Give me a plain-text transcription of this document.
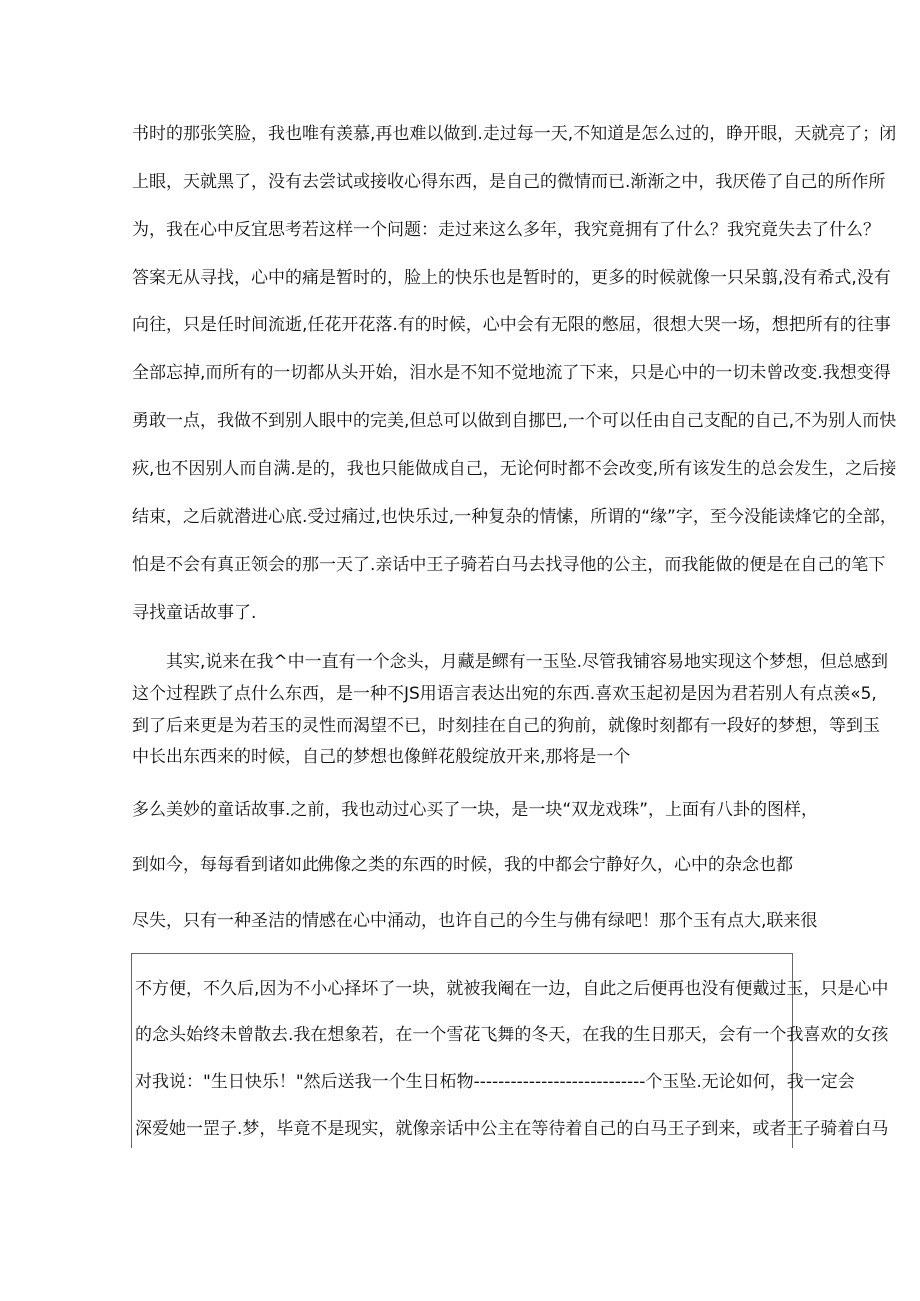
书时的那张笑脸，我也唯有羡慕,再也难以做到.走过每一天,不知道是怎么过的，睁开眼，天就亮了；闭
上眼，天就黑了，没有去尝试或接收心得东西，是自己的微情而已.渐渐之中，我厌倦了自己的所作所
为，我在心中反宜思考若这样一个问题：走过来这么多年，我究竟拥有了什么？我究竟失去了什么？
答案无从寻找，心中的痛是暂时的，脸上的快乐也是暂时的，更多的时候就像一只呆翦,没有希式,没有
向往，只是任时间流逝,任花开花落.有的时候，心中会有无限的憋屈，很想大哭一场，想把所有的往事
全部忘掉,而所有的一切都从头开始，泪水是不知不觉地流了下来，只是心中的一切未曾改变.我想变得
勇敢一点，我做不到别人眼中的完美,但总可以做到自挪巴,一个可以任由自己支配的自己,不为别人而快
疢,也不因别人而自满.是的，我也只能做成自己，无论何时都不会改变,所有该发生的总会发生，之后接
结束，之后就潜进心底.受过痛过,也快乐过,一种复杂的情愫，所谓的“缘”字，至今没能读烽它的全部，
怕是不会有真正领会的那一天了.亲话中王子骑若白马去找寻他的公主，而我能做的便是在自己的笔下
寻找童话故事了.
其实,说来在我^中一直有一个念头，月藏是鳏有一玉坠.尽管我铺容易地实现这个梦想，但总感到
这个过程跌了点什么东西，是一种不JS用语言表达出宛的东西.喜欢玉起初是因为君若别人有点羡«5,
到了后来更是为若玉的灵性而渴望不已，时刻挂在自己的狗前，就像时刻都有一段好的梦想，等到玉
中长出东西来的时候，自己的梦想也像鲜花般绽放开来,那将是一个
多么美妙的童话故事.之前，我也动过心买了一块，是一块“双龙戏珠”，上面有八卦的图样，
到如今，每每看到诸如此
佛像之类的东西的时候，我的中都会宁静好久，心中的杂念也都
尽失，只有一种圣洁的情感在心中涌动，也许自己的今生与佛有绿吧！那个玉有点大,联来很
不方便，不久后,因为不小心择坏了一块，就被我阉在一边，自此之后便再也没有便戴过玉，只是心中
的念头始终未曾散去.我在想象若，在一个雪花飞舞的冬天，在我的生日那天，会有一个我喜欢的女孩
对我说："生日快乐！"然后送我一个生日柘物----------------------------个玉坠.无论如何，我一定会
深爱她一罡子.梦，毕竟不是现实，就像亲话中公主在等待着自己的白马王子到来，或者王子骑着白马
